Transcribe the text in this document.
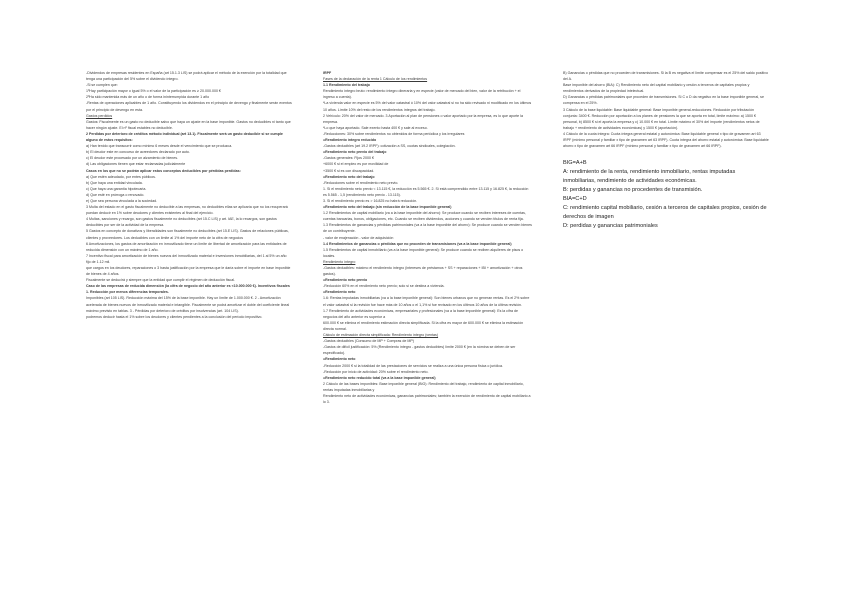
-Dividendos de empresas residentes en España (art 15.1.3 LIS) se podrá aplicar el método de la exención por la totalidad que tenga una participación del 5% sobre el dividendo íntegro.

-Si se cumplen que:

1ºHay participación mayor o igual 5% o el valor de la participación es ≥ 20.000.000 €

2ºHa sido mantenida más de un año o de forma ininterrumpida durante 1 año

-Rentas de operaciones aplicables de 1 año. Constituyendo los dividendos en el principio de devengo y finalmente serán exentos por el principio de devengo en esta.

Gastos perdidos

Gastos: Fiscalmente es un gasto no deducible salvo que haya un ajuste en la base imponible. Gastos no deducibles ni tanto que hacer ningún ajuste. El nº fiscal estables no deducible.

2 Perdidas por deterioro de créditos método individual (art 13.1). Fiscalmente será un gasto deducible si se cumple alguno de estos requisitos:

a) Han tenido que transcurrir como mínimo 6 meses desde el vencimiento que se produzca.

b) El deudor este en concurso de acreedores declarado por auto.

c) El deudor este procesado por un alzamiento de bienes.

d) Las obligaciones tienen que estar reclamadas judicialmente

Casos en los que no se podrán aplicar estos conceptos deducibles por pérdidas perdidas:

a) Que estén adeudado, por entes públicos.

b) Que haya una entidad vinculada.

c) Que haya una garantía hipotecaria.

d) Que esté en prórroga o renovado.

e) Que sea persona vinculada a la sociedad.

3 Multa del estado en el gasto fiscalmente no deducible a las empresas, no deducibles ellas se aplicaría que no los recuperará puedan deducir en 1% sobre deudores y clientes existentes al final del ejercicio.

4 Multas, sanciones y recargo, son gastos fiscalmente no deducibles (art 15.C LIS) y art. IAE, la lo recargos, son gastos deducibles por ser de la actividad de la empresa.

5 Gastos en concepto de donativos y liberalidades son fiscalmente no deducibles (art 15.E LIS). Gastos de relaciones públicas, clientes y proveedores. Los deducibles con un límite al 1% del importe neto de la cifra de negocios

6 Amortizaciones, los gastos de amortización en inmovilizado tiene un límite de libertad de amortización para las entidades de reducida dimensión con un máximo de 1 año.

7 Incentivo fiscal para amortización de bienes nuevos del inmovilizado material e inversiones inmobiliarias, del 1 al 5% un año fijo de 1.12 mil.

que cargos en los deudores, reparaciones o 3 hasta justificación por la empresa que le daría sobre el importe en base imponible de bienes de 4 años.

Fiscalmente se deducirá y siempre que la entidad que cumplir el régimen de deducción fiscal.

Caso de las empresas de reducida dimensión (la cifra de negocio del año anterior es <10.000.000 €). Incentivos fiscales 1. Reducción por menos diferencias temporales.

Imponibles (art 105 LIS). Reducción máxima del 15% de la base imponible. Hay un límite de 1.000.000 €. 2 - Amortización acelerada de bienes nuevos de inmovilizado material e intangible. Fiscalmente se podrá amortizar el doble del coeficiente lineal máximo previsto en tablas. 3 - Pérdidas por deterioro de créditos por insolvencias (art. 104 LIS).

podremos deducir hasta el 1% sobre los deudores y clientes pendientes a la conclusión del período impositivo.

IRPF

Fases de la declaración de la renta 1 Cálculo de los rendimientos

1.1 Rendimiento del trabajo

Rendimiento íntegro bruto: rendimiento íntegro dineraria y en especie (valor de mercado del bien, valor de la retribución + el ingreso a cuenta).

*La vivienda valor en especie es 5% del valor catastral ó 10% del valor catastral si no ha sido revisado ni modificado en los últimos 10 años. Límite 10% del resto de los rendimientos íntegros del trabajo.

2 Vehículo: 20% del valor de mercado. 3 Aportación al plan de pensiones o valor aportado por la empresa, es lo que aporte la empresa.

*Lo que haya aportado. Sale exento hasta 400 € y sale al exceso.

-Reducciones: 30% sobre rendimientos no obtenidos de forma periódica y los irregulares

=Rendimiento íntegro reducido

-Gastos deducibles (art 19.2 IRPF): cotización a SS, cuotas sindicales, colegiación.

=Rendimiento neto previo del trabajo

-Gastos generales: Fijos 2000 €

+6000 € si el empleo es por movilidad de

+3500 € si es con discapacidad.

=Rendimiento neto del trabajo

-Reducciones sobre el rendimiento neto previo.

1. Si el rendimiento neto previo < 13.115 €, la reducción es 5.565 €. 2. Si está comprendido entre 13.115 y 16.825 €, la reducción es 5.565 - 1,5 (rendimiento neto previo - 13.115).

3. Si el rendimiento previo es > 16.825 no habrá reducción.

=Rendimiento neto del trabajo (sin reducción de la base imponible general)

1.2 Rendimientos de capital mobiliario (va a la base imponible del ahorro): Se produce cuando se reciben intereses de cuentas, cuentas bancarias, bonos, obligaciones, etc. Cuando se reciben dividendos, acciones y cuando se venden títulos de renta fija.

1.3 Rendimientos de ganancias y pérdidas patrimoniales (va a la base imponible del ahorro): Se produce cuando se venden bienes de un contribuyente.

- valor de enajenación - valor de adquisición

1.4 Rendimientos de ganancias o pérdidas que no proceden de transmisiones (va a la base imponible general)

1.5 Rendimientos de capital inmobiliario (va a la base imponible general): Se produce cuando se reciben alquileres de pisos o locales.

Rendimiento íntegro

-Gastos deducibles: máximo el rendimiento íntegro (intereses de préstamos + SS + reparaciones + IBI + amortización + otros gastos).

=Rendimiento neto previo

-Reducción 60% en el rendimiento neto previo; solo si se destina a vivienda.

=Rendimiento neto

1.6: Rentas imputadas inmobiliarias (va a la base imponible general): Son bienes urbanos que no generan rentas. Es el 2% sobre el valor catastral si la revisión fue hace más de 10 años o el 1,1% si fue revisado en los últimos 10 años de la última revisión.

1.7 Rendimiento de actividades económicas, empresariales y profesionales (va a la base imponible general): Es la cifra de negocios del año anterior es superior a

600.000 € se elimina el rendimiento estimación directa simplificada. Si la cifra es mayor de 600.000 € se elimina la estimación directa normal.

Cálculo de estimación directa simplificada: Rendimiento íntegro (ventas)

-Gastos deducibles (Consumo de MP + Compras de MP)

-Gastos de difícil justificación: 5% (Rendimiento íntegro - gastos deducibles) límite 2000 € (en la nómina se deben de ser especificado).

=Rendimiento neto

-Reducción 2000 € si la totalidad de las prestaciones de servicios se realiza a una única persona física o jurídica.

-Reducción por inicio de actividad: 20% sobre el rendimiento neto.

=Rendimiento neto reducido total (va a la base imponible general)

2 Cálculo de las bases imponibles: Base imponible general (BIG): Rendimiento del trabajo, rendimiento de capital inmobiliario, rentas imputadas inmobiliarias y

Rendimiento neto de actividades económicas, ganancias patrimoniales; también la exención de rendimiento de capital mobiliario a lo 3.

B) Ganancias o pérdidas que no proceden de transmisiones. Si la B es negativa el límite compensar es el 25% del saldo positivo del A.

Base imponible del ahorro (BIA): C) Rendimiento neto del capital mobiliario y cesión a terceros de capitales propios y rendimientos derivados de la propiedad intelectual.

D) Ganancias o pérdidas patrimoniales que proceden de transmisiones. Si C o D da negativo en la base imponible general, se compensa en el 25%.

3 Cálculo de la base liquidable: Base liquidable general: Base imponible general-reducciones. Reducción por tributación conjunta: 3400 €. Reducción por aportación a los planes de pensiones la que se aporta en total, límite máximo: a) 1500 € personal, b) 8500 € si el aporta la empresa y c) 10.000 € en total. Límite máximo el 30% del importe (rendimientos netos de trabajo + rendimiento de actividades económicas) y 1500 € (aportación).

4 Cálculo de la cuota íntegra: Cuota íntegra general estatal y autonómica: Base liquidable general x tipo de gravamen art 63 IRPF (mínimo personal y familiar x tipo de gravamen art 63 IRPF). Cuota íntegra del ahorro estatal y autonómica: Base liquidable ahorro x tipo de gravamen art 66 IRPF (mínimo personal y familiar x tipo de gravamen art 66 IRPF).

BIG=A+B

A: rendimiento de la renta, rendimiento inmobiliario, rentas imputadas inmobiliarias, rendimiento de actividades económicas.

B: perdidas y ganancias no procedentes de transmisión.

BIA=C+D

C: rendimiento capital mobiliario, cesión a terceros de capitales propios, cesión de derechos de imagen

D: perdidas y ganancias patrimoniales
